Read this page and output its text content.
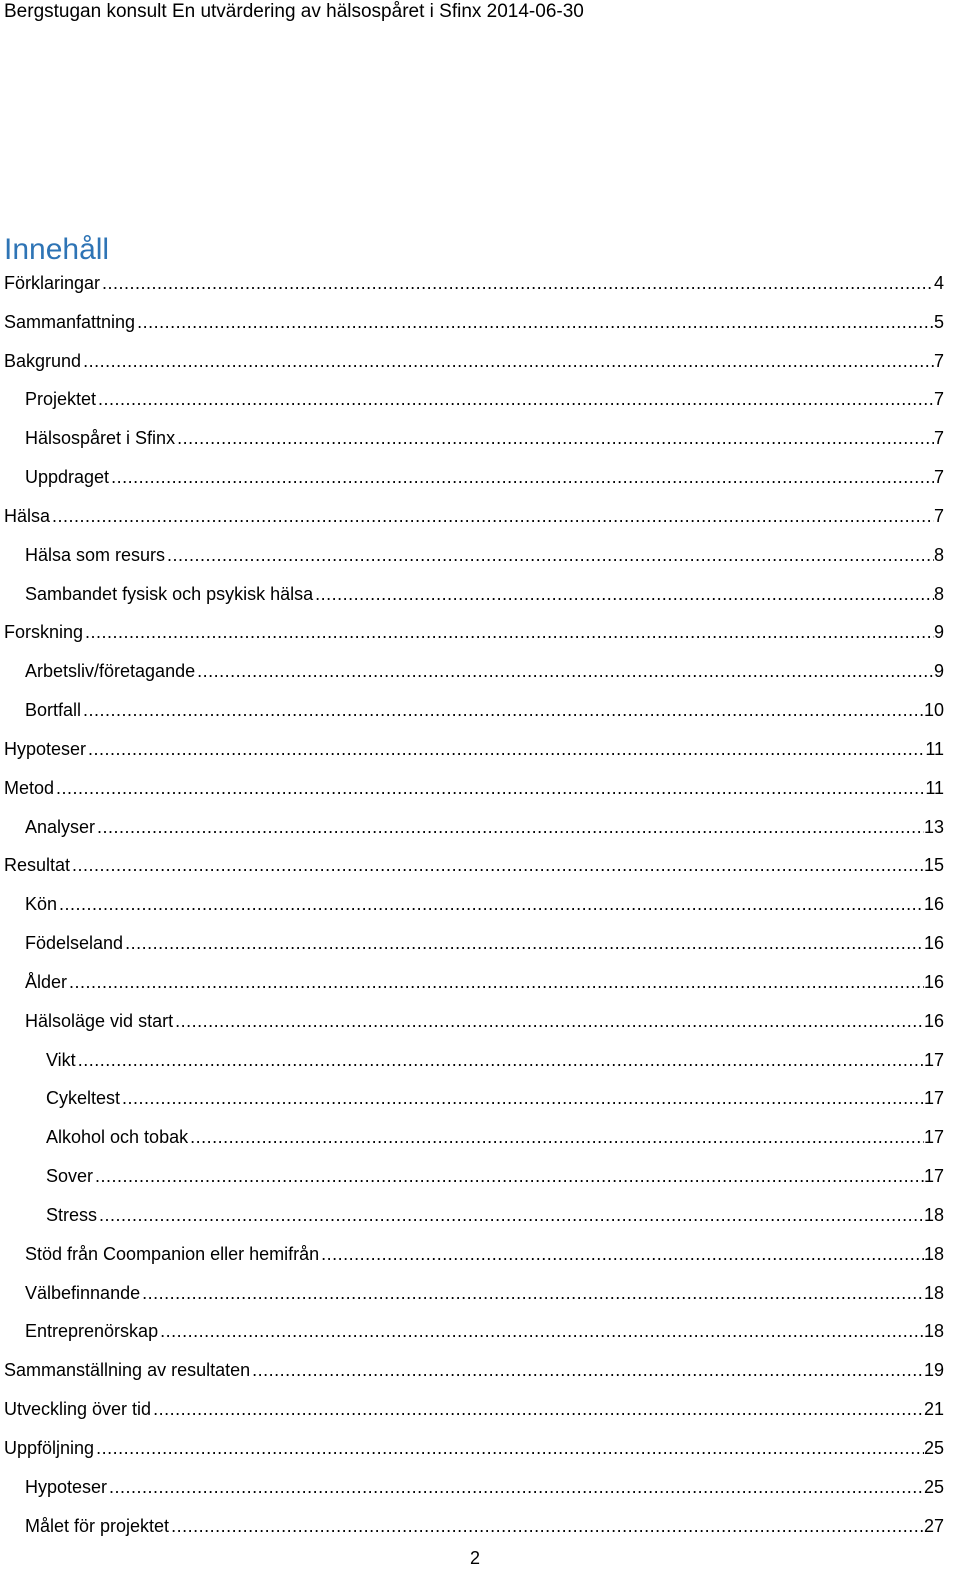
Bergstugan konsult En utvärdering av hälsospåret i Sfinx 2014-06-30
Innehåll
Förklaringar .....	4
Sammanfattning .....	5
Bakgrund .....	7
Projektet .....	7
Hälsospåret i Sfinx .....	7
Uppdraget .....	7
Hälsa .....	7
Hälsa som resurs .....	8
Sambandet fysisk och psykisk hälsa .....	8
Forskning .....	9
Arbetsliv/företagande .....	9
Bortfall .....	10
Hypoteser .....	11
Metod .....	11
Analyser .....	13
Resultat .....	15
Kön .....	16
Födelseland .....	16
Ålder .....	16
Hälsoläge vid start .....	16
Vikt .....	17
Cykeltest .....	17
Alkohol och tobak .....	17
Sover .....	17
Stress .....	18
Stöd från Coompanion eller hemifrån .....	18
Välbefinnande .....	18
Entreprenörskap .....	18
Sammanställning av resultaten .....	19
Utveckling över tid .....	21
Uppföljning .....	25
Hypoteser .....	25
Målet för projektet .....	27
2
